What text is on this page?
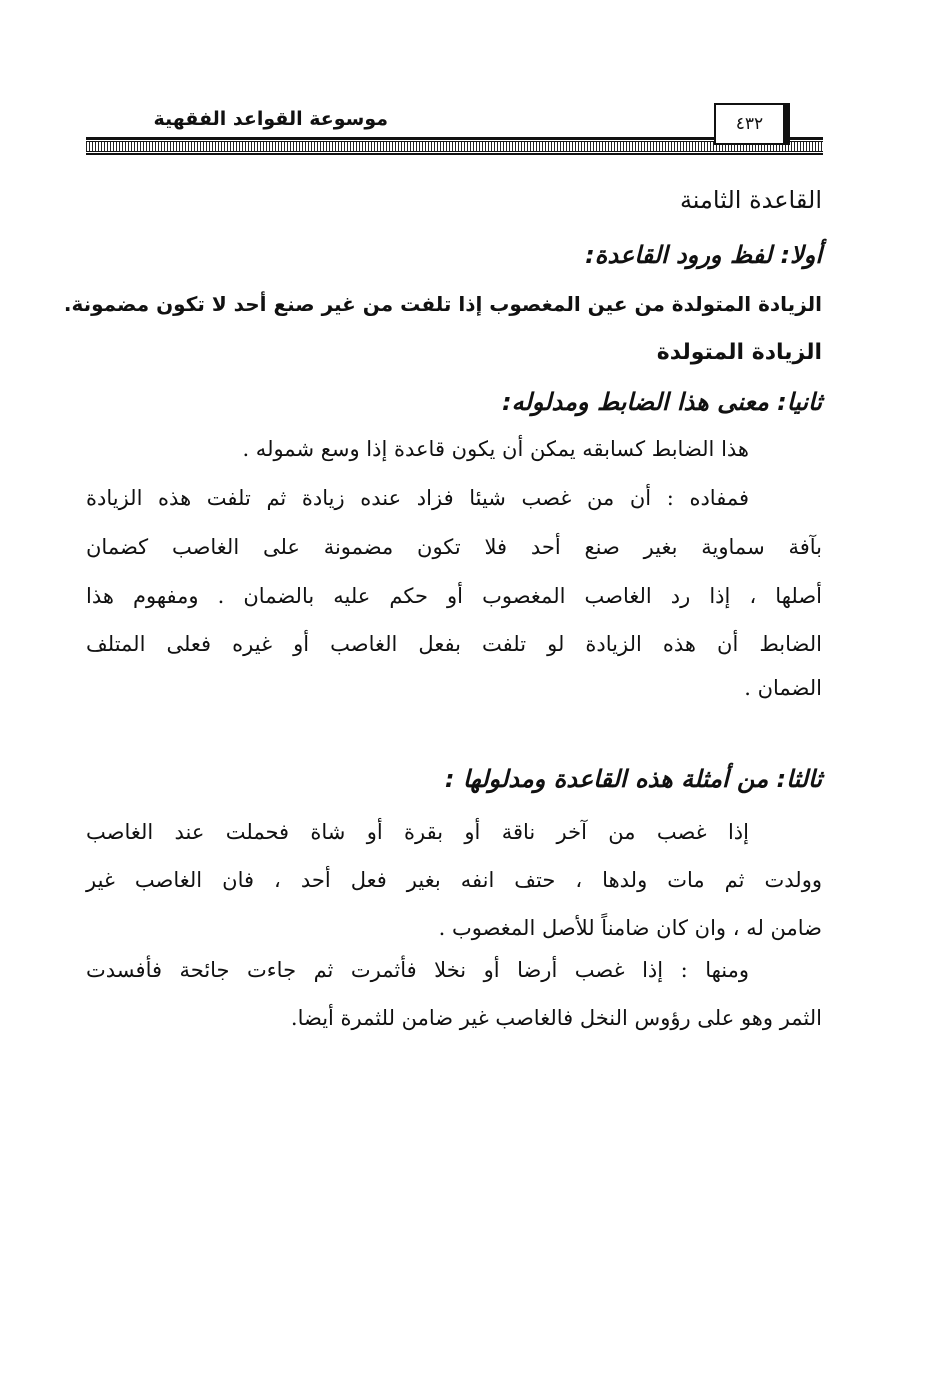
موسوعة القواعد الفقهية	٤٣٢
القاعدة الثامنة
أولا: لفظ ورود القاعدة:
الزيادة المتولدة من عين المغصوب إذا تلفت من غير صنع أحد لا تكون مضمونة.
الزيادة المتولدة
ثانيا: معنى هذا الضابط ومدلوله:
هذا الضابط كسابقه يمكن أن يكون قاعدة إذا وسع شموله .
فمفاده : أن من غصب شيئا فزاد عنده زيادة ثم تلفت هذه الزيادة
بآفة سماوية بغير صنع أحد فلا تكون مضمونة على الغاصب كضمان
أصلها ، إذا رد الغاصب المغصوب أو حكم عليه بالضمان . ومفهوم هذا
الضابط أن هذه الزيادة لو تلفت بفعل الغاصب أو غيره فعلى المتلف
الضمان .
ثالثا: من أمثلة هذه القاعدة ومدلولها :
إذا غصب من آخر ناقة أو بقرة أو شاة فحملت عند الغاصب
وولدت ثم مات ولدها ، حتف انفه بغير فعل أحد ، فان الغاصب غير
ضامن له ، وان كان ضامناً للأصل المغصوب .
ومنها : إذا غصب أرضا أو نخلا فأثمرت ثم جاءت جائحة فأفسدت
الثمر وهو على رؤوس النخل فالغاصب غير ضامن للثمرة أيضا.
